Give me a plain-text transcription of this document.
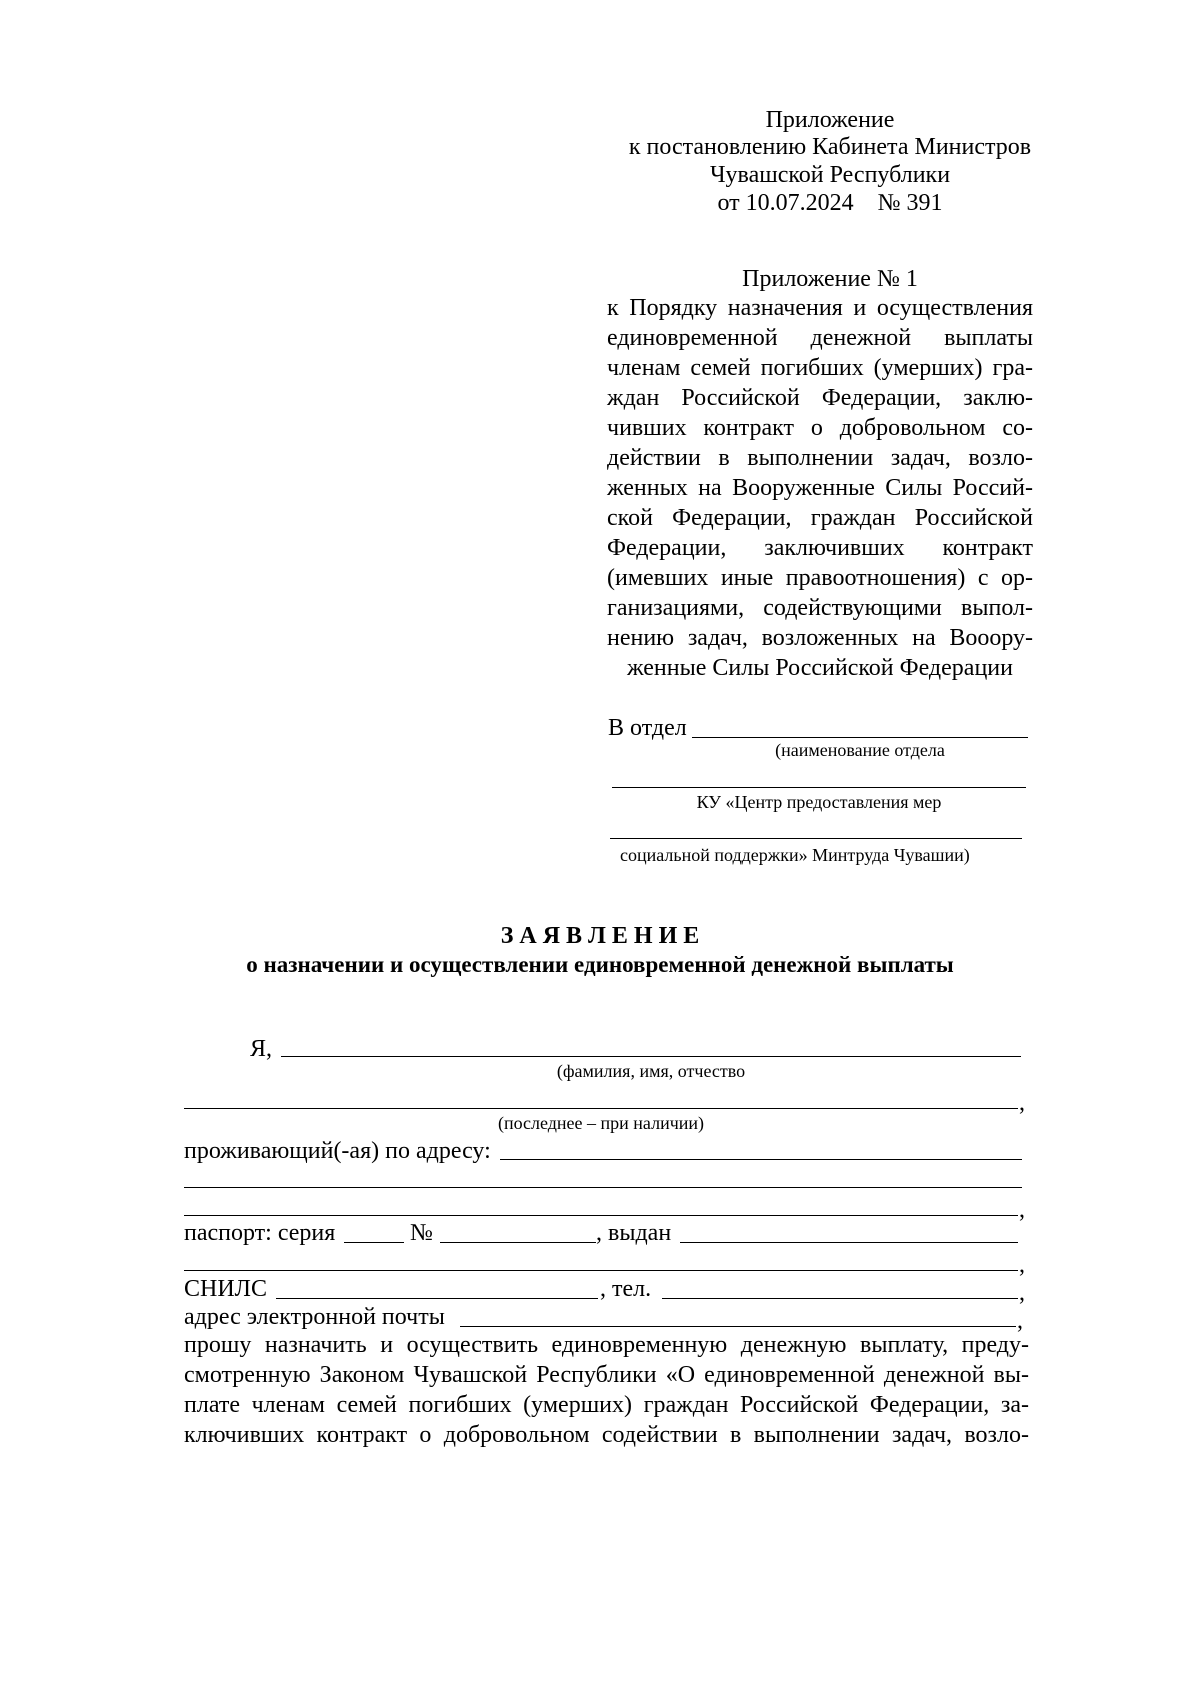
Приложение
к постановлению Кабинета Министров
Чувашской Республики
от 10.07.2024    № 391
Приложение № 1
к Порядку назначения и осуществления
единовременной денежной выплаты
членам семей погибших (умерших) гра-
ждан Российской Федерации, заклю-
чивших контракт о добровольном со-
действии в выполнении задач, возло-
женных на Вооруженные Силы Россий-
ской Федерации, граждан Российской
Федерации, заключивших контракт
(имевших иные правоотношения) с ор-
ганизациями, содействующими выпол-
нению задач, возложенных на Вооору-
женные Силы Российской Федерации
В отдел
(наименование отдела
КУ «Центр предоставления мер
социальной поддержки» Минтруда Чувашии)
З А Я В Л Е Н И Е
о назначении и осуществлении единовременной денежной выплаты
Я,
(фамилия, имя, отчество
,
(последнее – при наличии)
проживающий(-ая) по адресу:
,
паспорт: серия	№	, выдан
,
СНИЛС	, тел.	,
адрес электронной почты	,
прошу назначить и осуществить единовременную денежную выплату, преду-
смотренную Законом Чувашской Республики «О единовременной денежной вы-
плате членам семей погибших (умерших) граждан Российской Федерации, за-
ключивших контракт о добровольном содействии в выполнении задач, возло-
